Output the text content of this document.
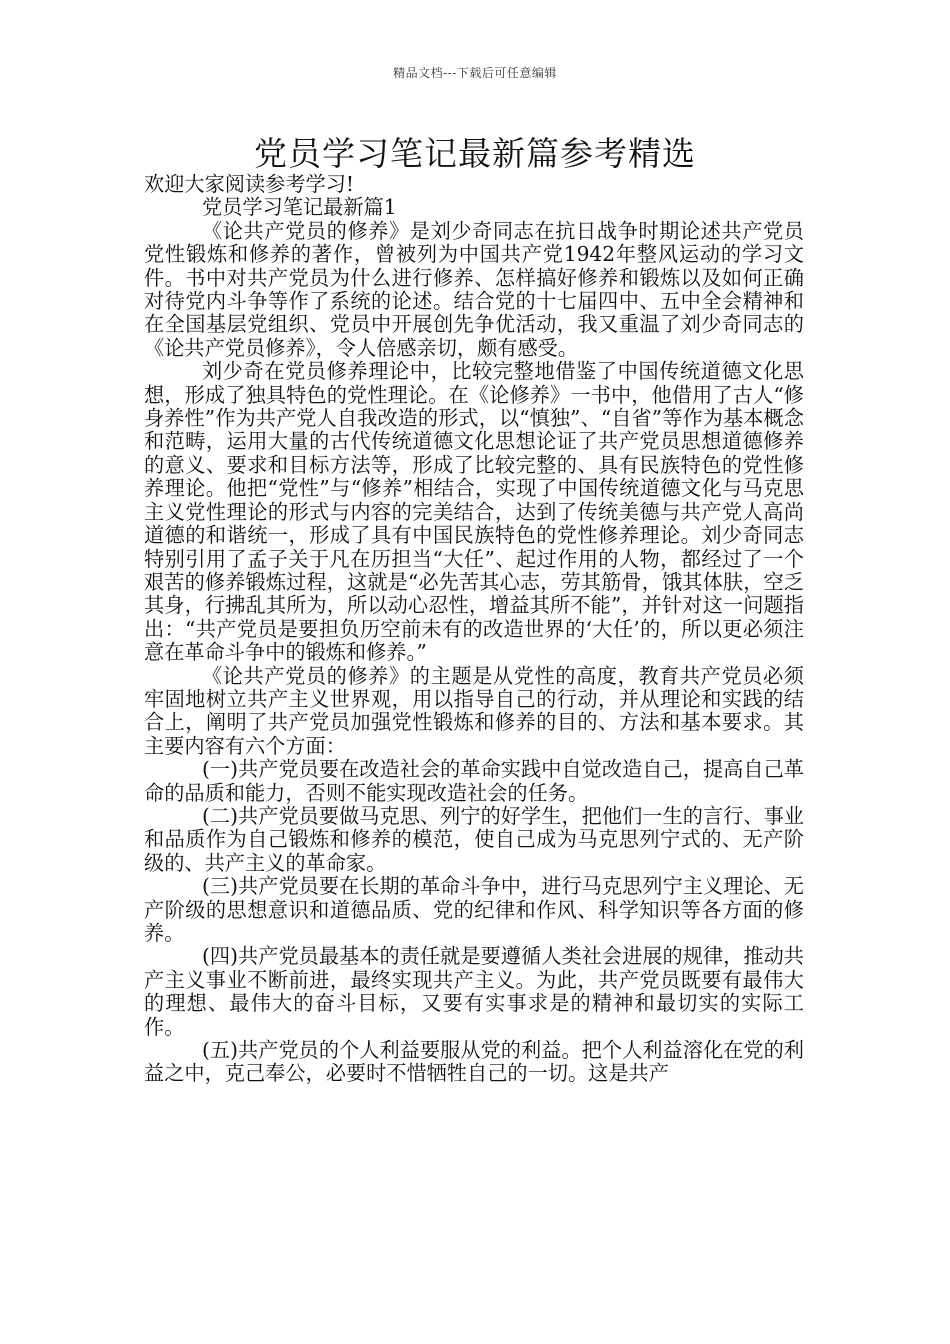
精品文档---下载后可任意编辑
党员学习笔记最新篇参考精选

欢迎大家阅读参考学习!

党员学习笔记最新篇1

《论共产党员的修养》是刘少奇同志在抗日战争时期论述共产党员党性锻炼和修养的著作，曾被列为中国共产党1942年整风运动的学习文件。书中对共产党员为什么进行修养、怎样搞好修养和锻炼以及如何正确对待党内斗争等作了系统的论述。结合党的十七届四中、五中全会精神和在全国基层党组织、党员中开展创先争优活动，我又重温了刘少奇同志的《论共产党员修养》，令人倍感亲切，颇有感受。

刘少奇在党员修养理论中，比较完整地借鉴了中国传统道德文化思想，形成了独具特色的党性理论。在《论修养》一书中，他借用了古人“修身养性”作为共产党人自我改造的形式，以“慎独”、“自省”等作为基本概念和范畴，运用大量的古代传统道德文化思想论证了共产党员思想道德修养的意义、要求和目标方法等，形成了比较完整的、具有民族特色的党性修养理论。他把“党性”与“修养”相结合，实现了中国传统道德文化与马克思主义党性理论的形式与内容的完美结合，达到了传统美德与共产党人高尚道德的和谐统一，形成了具有中国民族特色的党性修养理论。刘少奇同志特别引用了孟子关于凡在历担当“大任”、起过作用的人物，都经过了一个艰苦的修养锻炼过程，这就是“必先苦其心志，劳其筋骨，饿其体肤，空乏其身，行拂乱其所为，所以动心忍性，增益其所不能”，并针对这一问题指出：“共产党员是要担负历空前未有的改造世界的‘大任’的，所以更必须注意在革命斗争中的锻炼和修养。”

《论共产党员的修养》的主题是从党性的高度，教育共产党员必须牢固地树立共产主义世界观，用以指导自己的行动，并从理论和实践的结合上，阐明了共产党员加强党性锻炼和修养的目的、方法和基本要求。其主要内容有六个方面：

(一)共产党员要在改造社会的革命实践中自觉改造自己，提高自己革命的品质和能力，否则不能实现改造社会的任务。

(二)共产党员要做马克思、列宁的好学生，把他们一生的言行、事业和品质作为自己锻炼和修养的模范，使自己成为马克思列宁式的、无产阶级的、共产主义的革命家。

(三)共产党员要在长期的革命斗争中，进行马克思列宁主义理论、无产阶级的思想意识和道德品质、党的纪律和作风、科学知识等各方面的修养。

(四)共产党员最基本的责任就是要遵循人类社会进展的规律，推动共产主义事业不断前进，最终实现共产主义。为此，共产党员既要有最伟大的理想、最伟大的奋斗目标，又要有实事求是的精神和最切实的实际工作。

(五)共产党员的个人利益要服从党的利益。把个人利益溶化在党的利益之中，克己奉公，必要时不惜牺牲自己的一切。这是共产
